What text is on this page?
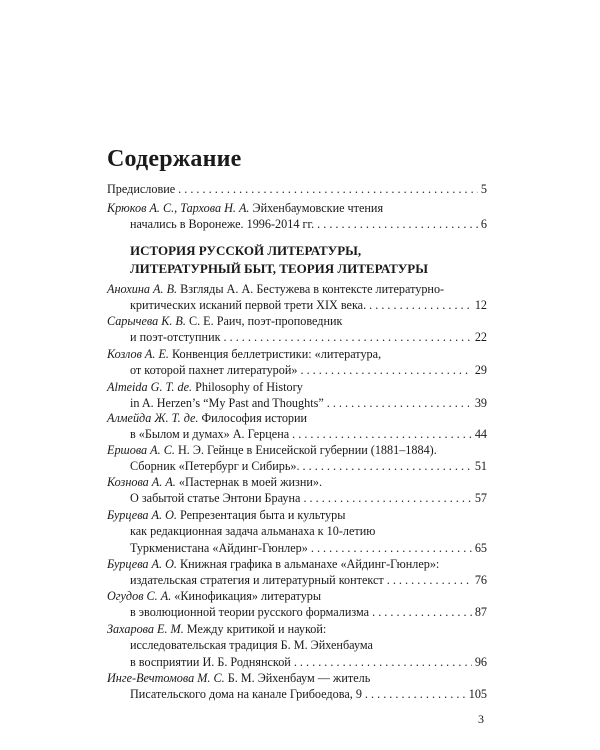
Содержание
Предисловие . . .	5
Крюков А. С., Тархова Н. А. Эйхенбаумовские чтения
начались в Воронеже. 1996-2014 гг. . . .	6
ИСТОРИЯ РУССКОЙ ЛИТЕРАТУРЫ,
ЛИТЕРАТУРНЫЙ БЫТ, ТЕОРИЯ ЛИТЕРАТУРЫ
Анохина А. В. Взгляды А. А. Бестужева в контексте литературно-
критических исканий первой трети XIX века. . . .	12
Сарычева К. В. С. Е. Раич, поэт-проповедник
и поэт-отступник . . .	22
Козлов А. Е. Конвенция беллетристики: «литература,
от которой пахнет литературой» . . .	29
Almeida G. T. de. Philosophy of History
in A. Herzen’s “My Past and Thoughts” . . .	39
Алмейда Ж. Т. де. Философия истории
в «Былом и думах» А. Герцена . . .	44
Ершова А. С. Н. Э. Гейнце в Енисейской губернии (1881–1884).
Сборник «Петербург и Сибирь». . . .	51
Кознова А. А. «Пастернак в моей жизни».
О забытой статье Энтони Брауна . . .	57
Бурцева А. О. Репрезентация быта и культуры
как редакционная задача альманаха к 10-летию
Туркменистана «Айдинг-Гюнлер» . . .	65
Бурцева А. О. Книжная графика в альманахе «Айдинг-Гюнлер»:
издательская стратегия и литературный контекст . . .	76
Огудов С. А. «Кинофикация» литературы
в эволюционной теории русского формализма . . .	87
Захарова Е. М. Между критикой и наукой:
исследовательская традиция Б. М. Эйхенбаума
в восприятии И. Б. Роднянской . . .	96
Инге-Вечтомова М. С. Б. М. Эйхенбаум — житель
Писательского дома на канале Грибоедова, 9 . . .	105
3
